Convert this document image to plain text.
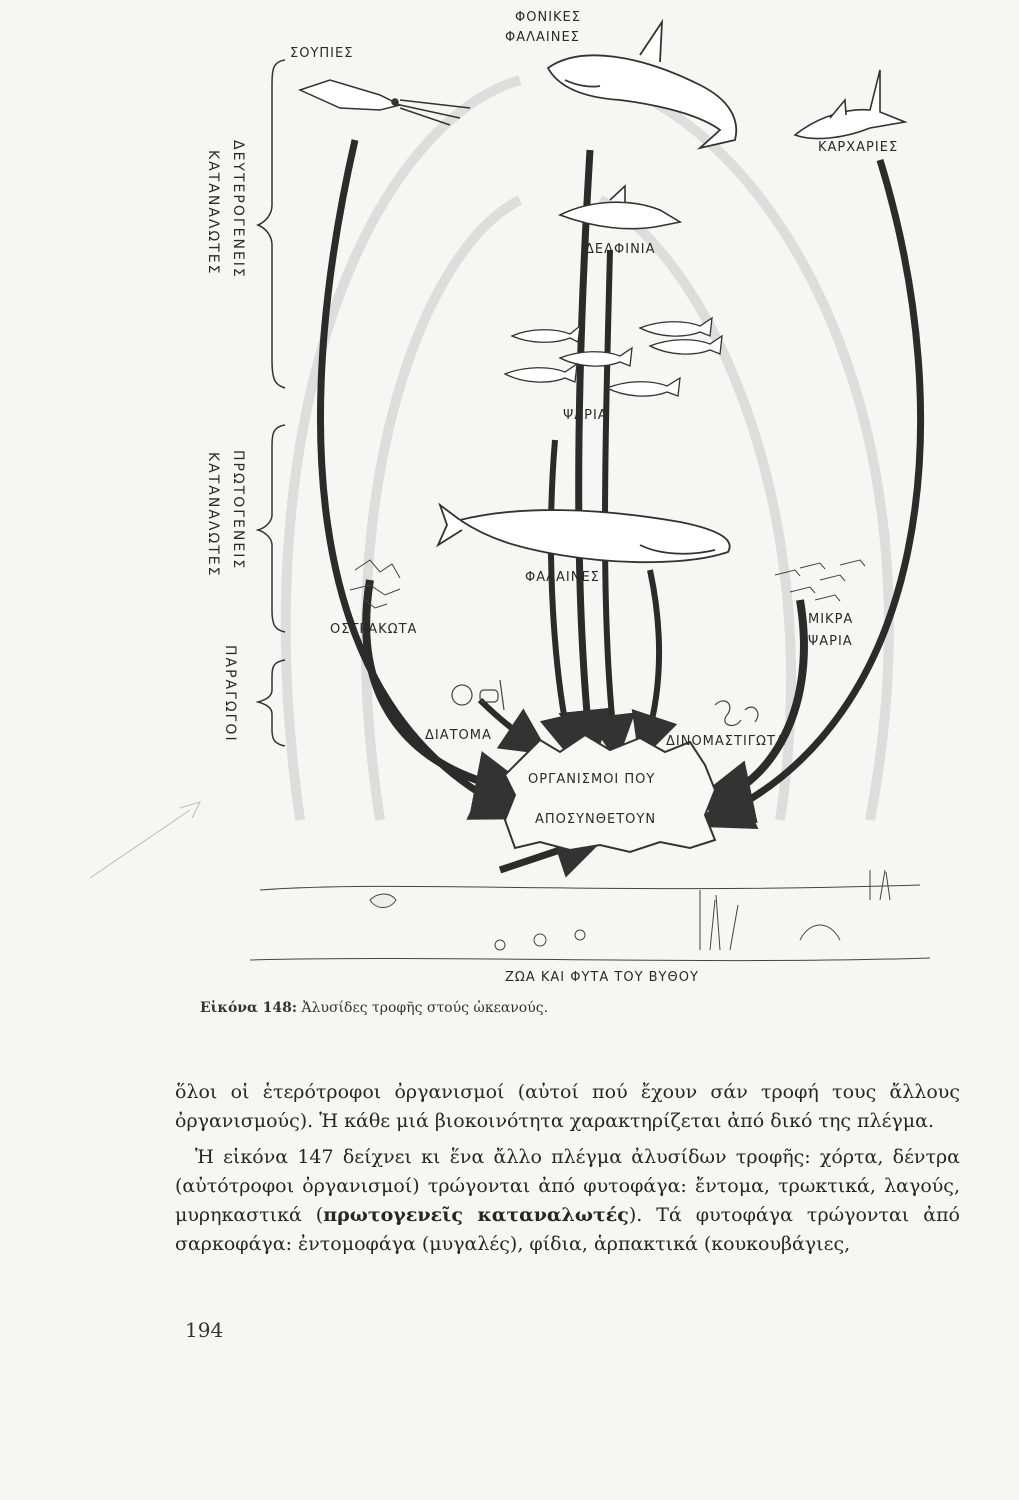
ΣΟΥΠΙΕΣ
ΦΟΝΙΚΕΣ
ΦΑΛΑΙΝΕΣ
ΚΑΡΧΑΡΙΕΣ
ΔΕΛΦΙΝΙΑ
ΨΑΡΙΑ
ΦΑΛΑΙΝΕΣ
ΟΣΤΡΑΚΩΤΑ
ΜΙΚΡΑ
ΨΑΡΙΑ
ΔΙΑΤΟΜΑ	ΔΙΝΟΜΑΣΤΙΓΩΤΑ
ΟΡΓΑΝΙΣΜΟΙ ΠΟΥ
ΑΠΟΣΥΝΘΕΤΟΥΝ
ΖΩΑ ΚΑΙ ΦΥΤΑ ΤΟΥ ΒΥΘΟΥ
ΔΕΥΤΕΡΟΓΕΝΕΙΣ
ΚΑΤΑΝΑΛΩΤΕΣ
ΠΡΩΤΟΓΕΝΕΙΣ
ΚΑΤΑΝΑΛΩΤΕΣ
ΠΑΡΑΓΩΓΟΙ
Εἰκόνα 148: Ἀλυσίδες τροφῆς στούς ὠκεανούς.

ὅλοι οἱ ἑτερότροφοι ὀργανισμοί (αὐτοί πού ἔχουν σάν τροφή τους ἄλλους ὀργανισμούς). Ἡ κάθε μιά βιοκοινότητα χαρακτηρίζεται ἀπό δικό της πλέγμα.

Ἡ εἰκόνα 147 δείχνει κι ἕνα ἄλλο πλέγμα ἀλυσίδων τροφῆς: χόρτα, δέντρα (αὐτότροφοι ὀργανισμοί) τρώγονται ἀπό φυτοφάγα: ἔντομα, τρωκτικά, λαγούς, μυρηκαστικά (πρωτογενεῖς καταναλωτές). Τά φυτοφάγα τρώγονται ἀπό σαρκοφάγα: ἐντομοφάγα (μυγαλές), φίδια, ἁρπακτικά (κουκουβάγιες,

194
